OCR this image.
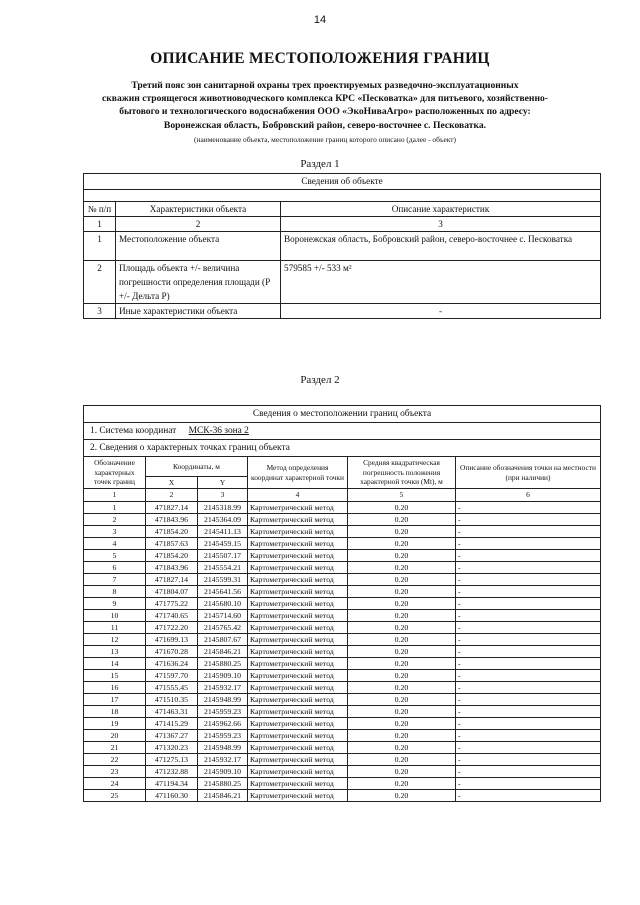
14
ОПИСАНИЕ МЕСТОПОЛОЖЕНИЯ ГРАНИЦ
Третий пояс зон санитарной охраны трех проектируемых разведочно-эксплуатационных
скважин строящегося животноводческого комплекса КРС «Песковатка» для питьевого, хозяйственно-
бытового и технологического водоснабжения ООО «ЭкоНиваАгро» расположенных по адресу:
Воронежская область, Бобровский район, северо-восточнее с. Песковатка.
(наименование объекта, местоположение границ которого описано (далее - объект)
Раздел 1
Сведения об объекте		

№ п/п	Характеристики объекта	Описание характеристик
1	2	3
1	Местоположение объекта	Воронежская область, Бобровский район, северо-восточнее с. Песковатка
2	Площадь объекта +/- величина погрешности определения площади (Р +/- Дельта Р)	579585 +/- 533 м²
3	Иные характеристики объекта	-
Раздел 2
Сведения о местоположении границ объекта					
1. Система координат МСК-36 зона 2					
2. Сведения о характерных точках границ объекта					
Обозначение характерных точек границ	Координаты, м		Метод определения координат характерной точки	Средняя квадратическая погрешность положения характерной точки (Mt), м	Описание обозначения точки на местности (при наличии)
	X	Y			
1	2	3	4	5	6
1	471827.14	2145318.99	Картометрический метод	0.20	-
2	471843.96	2145364.09	Картометрический метод	0.20	-
3	471854.20	2145411.13	Картометрический метод	0.20	-
4	471857.63	2145459.15	Картометрический метод	0.20	-
5	471854.20	2145507.17	Картометрический метод	0.20	-
6	471843.96	2145554.21	Картометрический метод	0.20	-
7	471827.14	2145599.31	Картометрический метод	0.20	-
8	471804.07	2145641.56	Картометрический метод	0.20	-
9	471775.22	2145680.10	Картометрический метод	0.20	-
10	471740.65	2145714.60	Картометрический метод	0.20	-
11	471722.20	2145765.42	Картометрический метод	0.20	-
12	471699.13	2145807.67	Картометрический метод	0.20	-
13	471670.28	2145846.21	Картометрический метод	0.20	-
14	471636.24	2145880.25	Картометрический метод	0.20	-
15	471597.70	2145909.10	Картометрический метод	0.20	-
16	471555.45	2145932.17	Картометрический метод	0.20	-
17	471510.35	2145948.99	Картометрический метод	0.20	-
18	471463.31	2145959.23	Картометрический метод	0.20	-
19	471415.29	2145962.66	Картометрический метод	0.20	-
20	471367.27	2145959.23	Картометрический метод	0.20	-
21	471320.23	2145948.99	Картометрический метод	0.20	-
22	471275.13	2145932.17	Картометрический метод	0.20	-
23	471232.88	2145909.10	Картометрический метод	0.20	-
24	471194.34	2145880.25	Картометрический метод	0.20	-
25	471160.30	2145846.21	Картометрический метод	0.20	-
